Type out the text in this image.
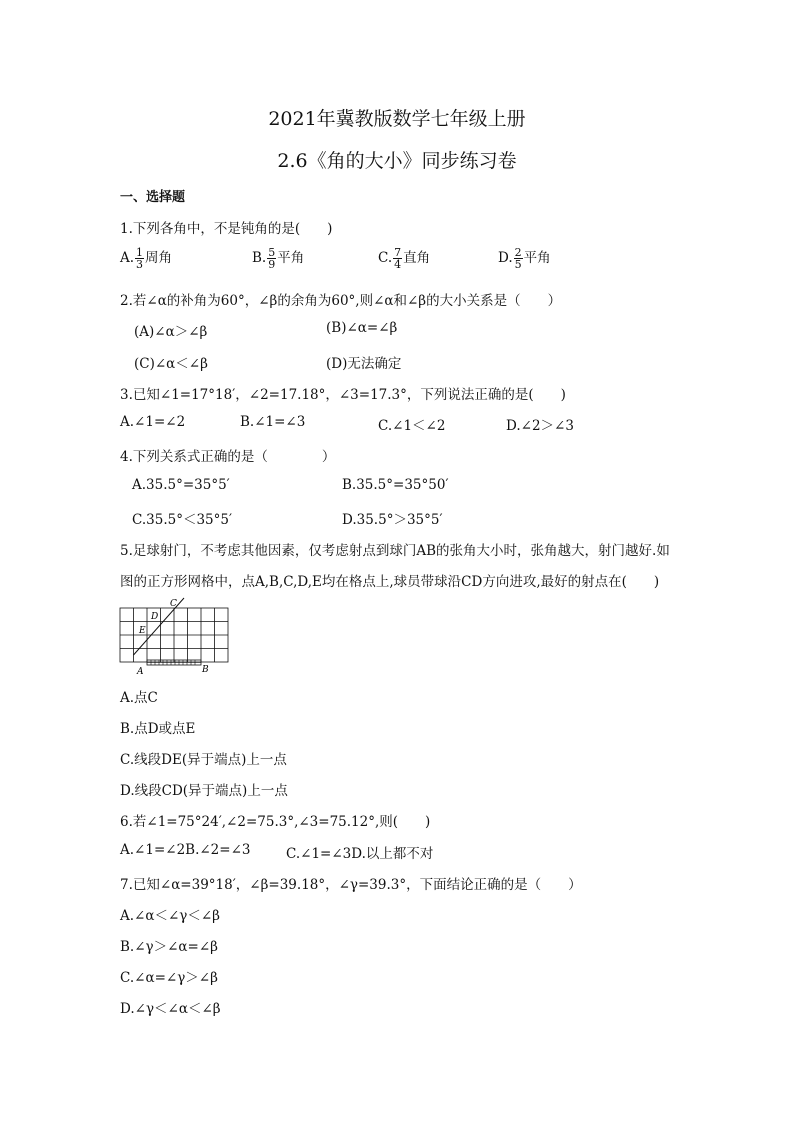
2021年冀教版数学七年级上册
2.6《角的大小》同步练习卷
一、选择题
1.下列各角中，不是钝角的是(　　)
A. $\frac{1}{3}$ 周角	B. $\frac{5}{9}$ 平角	C. $\frac{7}{4}$ 直角	D. $\frac{2}{5}$ 平角
2.若∠α的补角为60°，∠β的余角为60°,则∠α和∠β的大小关系是（　　）
(A)∠α＞∠β	(B)∠α=∠β
(C)∠α＜∠β	(D)无法确定
3.已知∠1=17°18′，∠2=17.18°，∠3=17.3°，下列说法正确的是(　　)
A.∠1=∠2	B.∠1=∠3	C.∠1＜∠2	D.∠2＞∠3
4.下列关系式正确的是（　　　　）
A.35.5°=35°5′	B.35.5°=35°50′
C.35.5°＜35°5′	D.35.5°＞35°5′
5.足球射门，不考虑其他因素，仅考虑射点到球门AB的张角大小时，张角越大，射门越好.如
图的正方形网格中，点A,B,C,D,E均在格点上,球员带球沿CD方向进攻,最好的射点在(　　)
C
D
E
A	B
A.点C
B.点D或点E
C.线段DE(异于端点)上一点
D.线段CD(异于端点)上一点
6.若∠1=75°24′,∠2=75.3°,∠3=75.12°,则(　　)
A.∠1=∠2B.∠2=∠3	C.∠1=∠3D.以上都不对
7.已知∠α=39°18′，∠β=39.18°，∠γ=39.3°，下面结论正确的是（　　）
A.∠α＜∠γ＜∠β
B.∠γ＞∠α=∠β
C.∠α=∠γ＞∠β
D.∠γ＜∠α＜∠β
